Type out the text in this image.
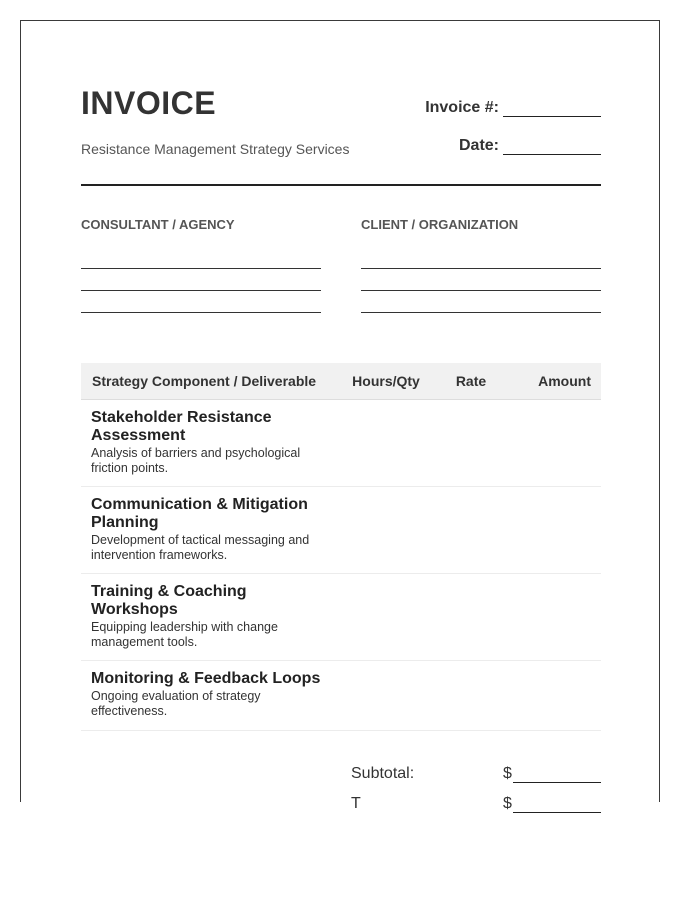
INVOICE
Resistance Management Strategy Services
Invoice #:
Date:
CONSULTANT / AGENCY	CLIENT / ORGANIZATION
Strategy Component / Deliverable	Hours/Qty	Rate	Amount
Stakeholder Resistance Assessment
Analysis of barriers and psychological friction points.
Communication & Mitigation Planning
Development of tactical messaging and intervention frameworks.
Training & Coaching Workshops
Equipping leadership with change management tools.
Monitoring & Feedback Loops
Ongoing evaluation of strategy effectiveness.
Subtotal:	$
T	$
